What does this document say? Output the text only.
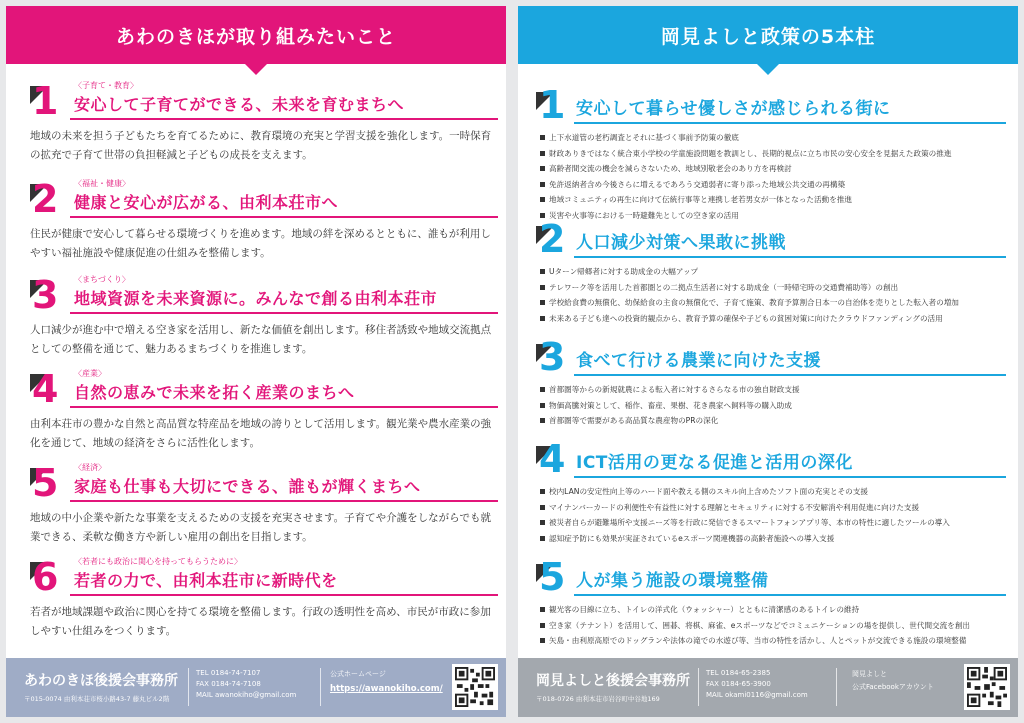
あわのきほが取り組みたいこと
1 〈子育て・教育〉
安心して子育てができる、未来を育むまちへ
地域の未来を担う子どもたちを育てるために、教育環境の充実と学習支援を強化します。一時保育の拡充で子育て世帯の負担軽減と子どもの成長を支えます。
2 〈福祉・健康〉
健康と安心が広がる、由利本荘市へ
住民が健康で安心して暮らせる環境づくりを進めます。地域の絆を深めるとともに、誰もが利用しやすい福祉施設や健康促進の仕組みを整備します。
3 〈まちづくり〉
地域資源を未来資源に。みんなで創る由利本荘市
人口減少が進む中で増える空き家を活用し、新たな価値を創出します。移住者誘致や地域交流拠点としての整備を通じて、魅力あるまちづくりを推進します。
4 〈産業〉
自然の恵みで未来を拓く産業のまちへ
由利本荘市の豊かな自然と高品質な特産品を地域の誇りとして活用します。観光業や農水産業の強化を通じて、地域の経済をさらに活性化します。
5 〈経済〉
家庭も仕事も大切にできる、誰もが輝くまちへ
地域の中小企業や新たな事業を支えるための支援を充実させます。子育てや介護をしながらでも就業できる、柔軟な働き方や新しい雇用の創出を目指します。
6 〈若者にも政治に関心を持ってもらうために〉
若者の力で、由利本荘市に新時代を
若者が地域課題や政治に関心を持てる環境を整備します。行政の透明性を高め、市民が市政に参加しやすい仕組みをつくります。
あわのきほ後援会事務所
〒015-0074 由利本荘市桜小路43-7 藤丸ビル2階
TEL 0184-74-7107
FAX 0184-74-7108
MAIL awanokiho@gmail.com
公式ホームページ
https://awanokiho.com/
岡見よしと政策の5本柱
1 安心して暮らせ優しさが感じられる街に
上下水道管の老朽調査とそれに基づく事前予防策の徹底
財政ありきではなく統合東小学校の学童施設問題を教訓とし、長期的視点に立ち市民の安心安全を見据えた政策の推進
高齢者間交流の機会を減らさないため、地域別敬老会のあり方を再検討
免許返納者含め今後さらに増えるであろう交通弱者に寄り添った地域公共交通の再構築
地域コミュニティの再生に向けて伝統行事等と連携し老若男女が一体となった活動を推進
災害や火事等における一時避難先としての空き家の活用
2 人口減少対策へ果敢に挑戦
Uターン帰郷者に対する助成金の大幅アップ
テレワーク等を活用した首都圏との二拠点生活者に対する助成金（一時帰宅時の交通費補助等）の創出
学校給食費の無償化、幼保給食の主食の無償化で、子育て施策、教育予算割合日本一の自治体を売りとした転入者の増加
未来ある子ども達への投資的観点から、教育予算の確保や子どもの貧困対策に向けたクラウドファンディングの活用
3 食べて行ける農業に向けた支援
首都圏等からの新規就農による転入者に対するさらなる市の独自財政支援
物価高騰対策として、稲作、畜産、果樹、花き農家へ飼料等の購入助成
首都圏等で需要がある高品質な農産物のPRの深化
4 ICT活用の更なる促進と活用の深化
校内LANの安定性向上等のハード面や教える側のスキル向上含めたソフト面の充実とその支援
マイナンバーカードの利便性や有益性に対する理解とセキュリティに対する不安解消や利用促進に向けた支援
被災者自らが避難場所や支援ニーズ等を行政に発信できるスマートフォンアプリ等、本市の特性に適したツールの導入
認知症予防にも効果が実証されているeスポーツ関連機器の高齢者施設への導入支援
5 人が集う施設の環境整備
観光客の目線に立ち、トイレの洋式化（ウォッシャー）とともに清潔感のあるトイレの維持
空き家（テナント）を活用して、囲碁、将棋、麻雀、eスポーツなどでコミュニケーションの場を提供し、世代間交流を創出
矢島・由利原高原でのドッグランや法体の滝での水遊び等、当市の特性を活かし、人とペットが交流できる施設の環境整備
岡見よしと後援会事務所
〒018-0726 由利本荘市岩谷町中谷地169
TEL 0184-65-2385
FAX 0184-65-3900
MAIL okami0116@gmail.com
岡見よしと
公式Facebookアカウント
